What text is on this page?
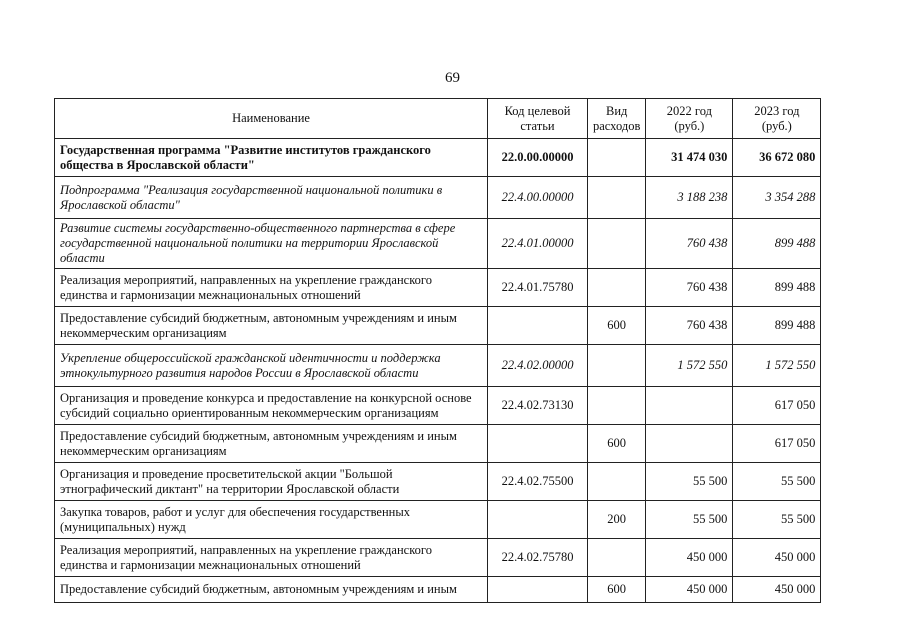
69
Наименование	Код целевой статьи	Вид расходов	2022 год (руб.)	2023 год (руб.)
Государственная программа "Развитие институтов гражданского общества в Ярославской области"	22.0.00.00000		31 474 030	36 672 080
Подпрограмма "Реализация государственной национальной политики в Ярославской области"	22.4.00.00000		3 188 238	3 354 288
Развитие системы государственно-общественного партнерства в сфере государственной национальной политики на территории Ярославской области	22.4.01.00000		760 438	899 488
Реализация мероприятий, направленных на укрепление гражданского единства и гармонизации межнациональных отношений	22.4.01.75780		760 438	899 488
Предоставление субсидий бюджетным, автономным учреждениям и иным некоммерческим организациям		600	760 438	899 488
Укрепление общероссийской гражданской идентичности и поддержка этнокультурного развития народов России в Ярославской области	22.4.02.00000		1 572 550	1 572 550
Организация и проведение конкурса и предоставление на конкурсной основе субсидий социально ориентированным некоммерческим организациям	22.4.02.73130			617 050
Предоставление субсидий бюджетным, автономным учреждениям и иным некоммерческим организациям		600		617 050
Организация и проведение просветительской акции "Большой этнографический диктант" на территории Ярославской области	22.4.02.75500		55 500	55 500
Закупка товаров, работ и услуг для обеспечения государственных (муниципальных) нужд		200	55 500	55 500
Реализация мероприятий, направленных на укрепление гражданского единства и гармонизации межнациональных отношений	22.4.02.75780		450 000	450 000
Предоставление субсидий бюджетным, автономным учреждениям и иным		600	450 000	450 000
